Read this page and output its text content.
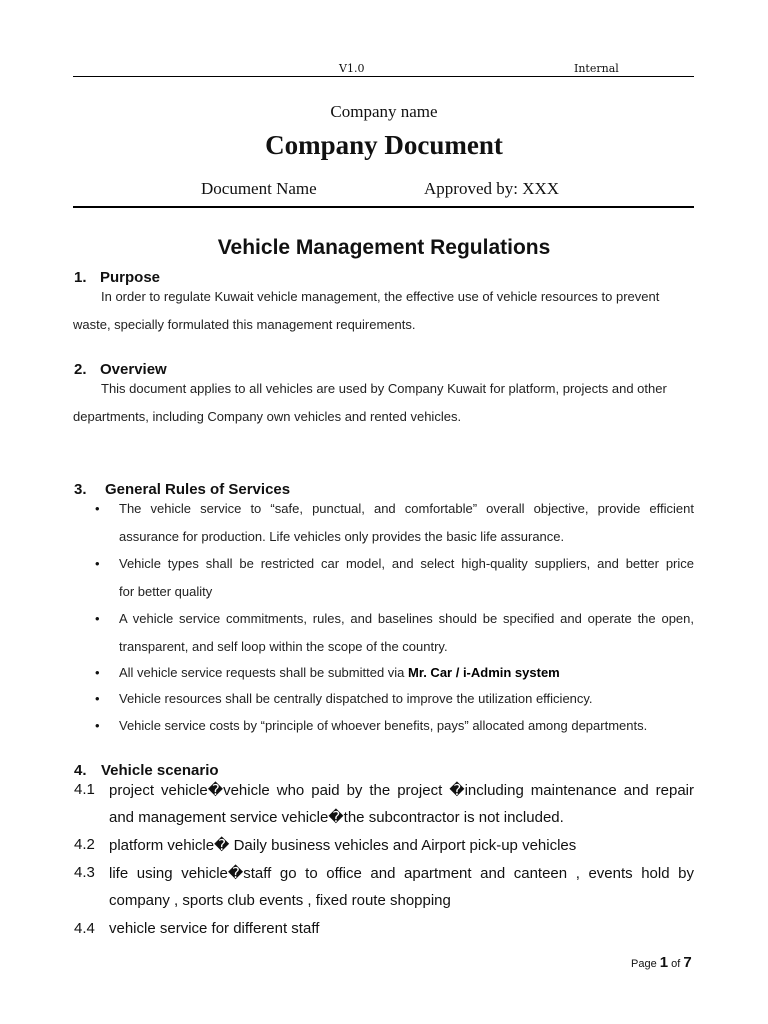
V1.0	Internal
Company name
Company Document
Document Name	Approved by: XXX
Vehicle Management Regulations
1. Purpose
In order to regulate Kuwait vehicle management, the effective use of vehicle resources to prevent
waste, specially formulated this management requirements.
2. Overview
This document applies to all vehicles are used by Company Kuwait for platform, projects and other
departments, including Company own vehicles and rented vehicles.
3. General Rules of Services
• The vehicle service to “safe, punctual, and comfortable” overall objective, provide efficient
assurance for production. Life vehicles only provides the basic life assurance.
• Vehicle types shall be restricted car model, and select high-quality suppliers, and better price
for better quality
• A vehicle service commitments, rules, and baselines should be specified and operate the open,
transparent, and self loop within the scope of the country.
• All vehicle service requests shall be submitted via Mr. Car / i-Admin system
• Vehicle resources shall be centrally dispatched to improve the utilization efficiency.
• Vehicle service costs by “principle of whoever benefits, pays” allocated among departments.
4. Vehicle scenario
4.1 project vehicle�vehicle who paid by the project �including maintenance and repair
and management service vehicle�the subcontractor is not included.
4.2 platform vehicle� Daily business vehicles and Airport pick-up vehicles
4.3 life using vehicle�staff go to office and apartment and canteen , events hold by
company , sports club events , fixed route shopping
4.4 vehicle service for different staff
Page 1 of 7
